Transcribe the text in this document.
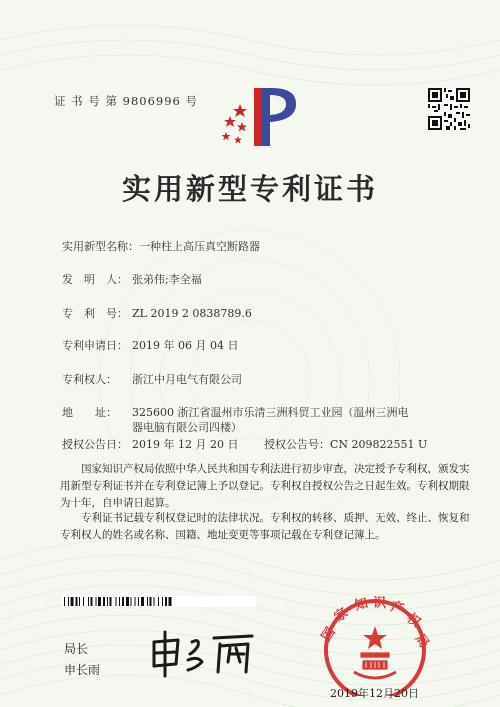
证 书 号 第 9806996 号
实用新型专利证书
实用新型名称：一种柱上高压真空断路器
发　明　人： 张弟伟;李全福
专　利　号： ZL 2019 2 0838789.6
专利申请日： 2019 年 06 月 04 日
专利权人： 浙江中月电气有限公司
地　　址： 325600 浙江省温州市乐清三洲科贸工业园（温州三洲电
器电脑有限公司四楼）
授权公告日： 2019 年 12 月 20 日 授权公告号：CN 209822551 U
国家知识产权局依照中华人民共和国专利法进行初步审查，决定授予专利权，颁发实用新型专利证书并在专利登记簿上予以登记。专利权自授权公告之日起生效。专利权期限为十年，自申请日起算。
专利证书记载专利权登记时的法律状况。专利权的转移、质押、无效、终止、恢复和专利权人的姓名或名称、国籍、地址变更等事项记载在专利登记簿上。
局长
申长雨
国
家
知 识 产
权
局
2019年12月20日
